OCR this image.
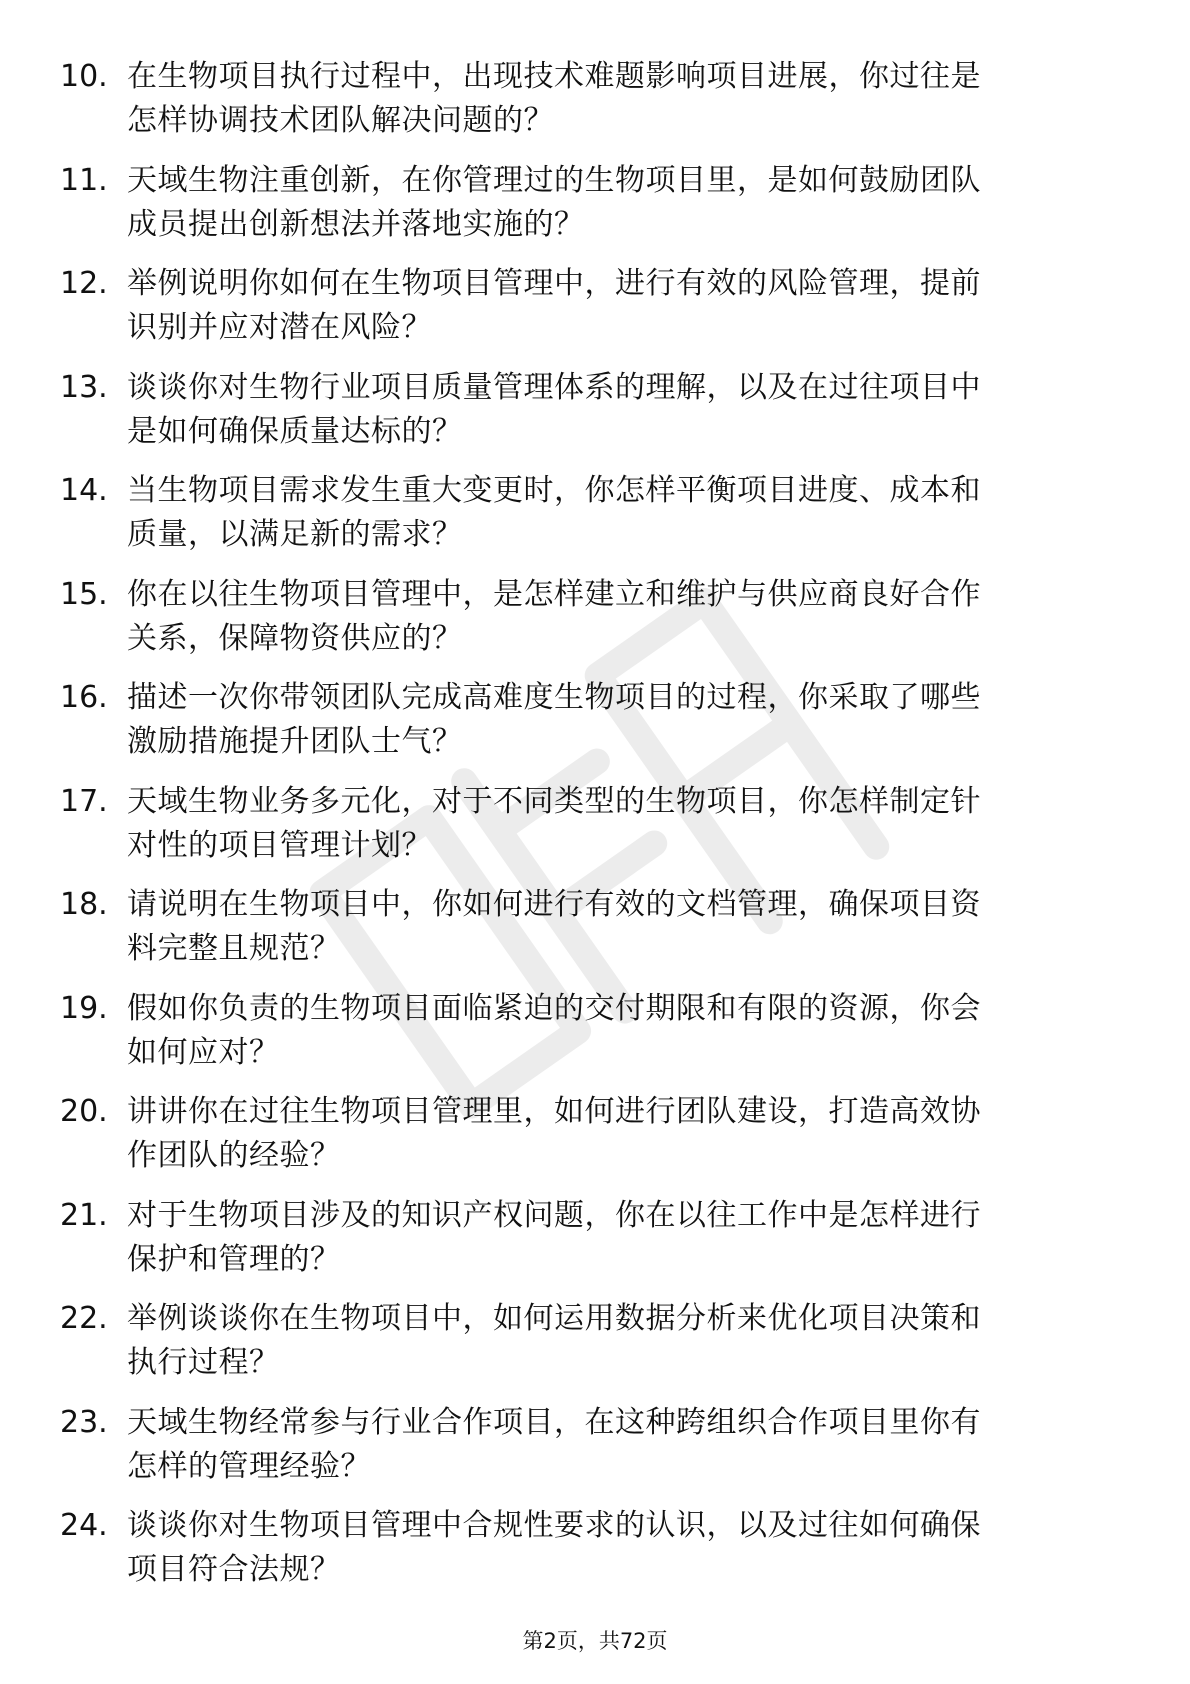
10. 在生物项目执行过程中，出现技术难题影响项目进展，你过往是
怎样协调技术团队解决问题的？
11. 天域生物注重创新，在你管理过的生物项目里，是如何鼓励团队
成员提出创新想法并落地实施的？
12. 举例说明你如何在生物项目管理中，进行有效的风险管理，提前
识别并应对潜在风险？
13. 谈谈你对生物行业项目质量管理体系的理解，以及在过往项目中
是如何确保质量达标的？
14. 当生物项目需求发生重大变更时，你怎样平衡项目进度、成本和
质量，以满足新的需求？
15. 你在以往生物项目管理中，是怎样建立和维护与供应商良好合作
关系，保障物资供应的？
16. 描述一次你带领团队完成高难度生物项目的过程，你采取了哪些
激励措施提升团队士气？
17. 天域生物业务多元化，对于不同类型的生物项目，你怎样制定针
对性的项目管理计划？
18. 请说明在生物项目中，你如何进行有效的文档管理，确保项目资
料完整且规范？
19. 假如你负责的生物项目面临紧迫的交付期限和有限的资源，你会
如何应对？
20. 讲讲你在过往生物项目管理里，如何进行团队建设，打造高效协
作团队的经验？
21. 对于生物项目涉及的知识产权问题，你在以往工作中是怎样进行
保护和管理的？
22. 举例谈谈你在生物项目中，如何运用数据分析来优化项目决策和
执行过程？
23. 天域生物经常参与行业合作项目，在这种跨组织合作项目里你有
怎样的管理经验？
24. 谈谈你对生物项目管理中合规性要求的认识，以及过往如何确保
项目符合法规？
第2页，共72页
